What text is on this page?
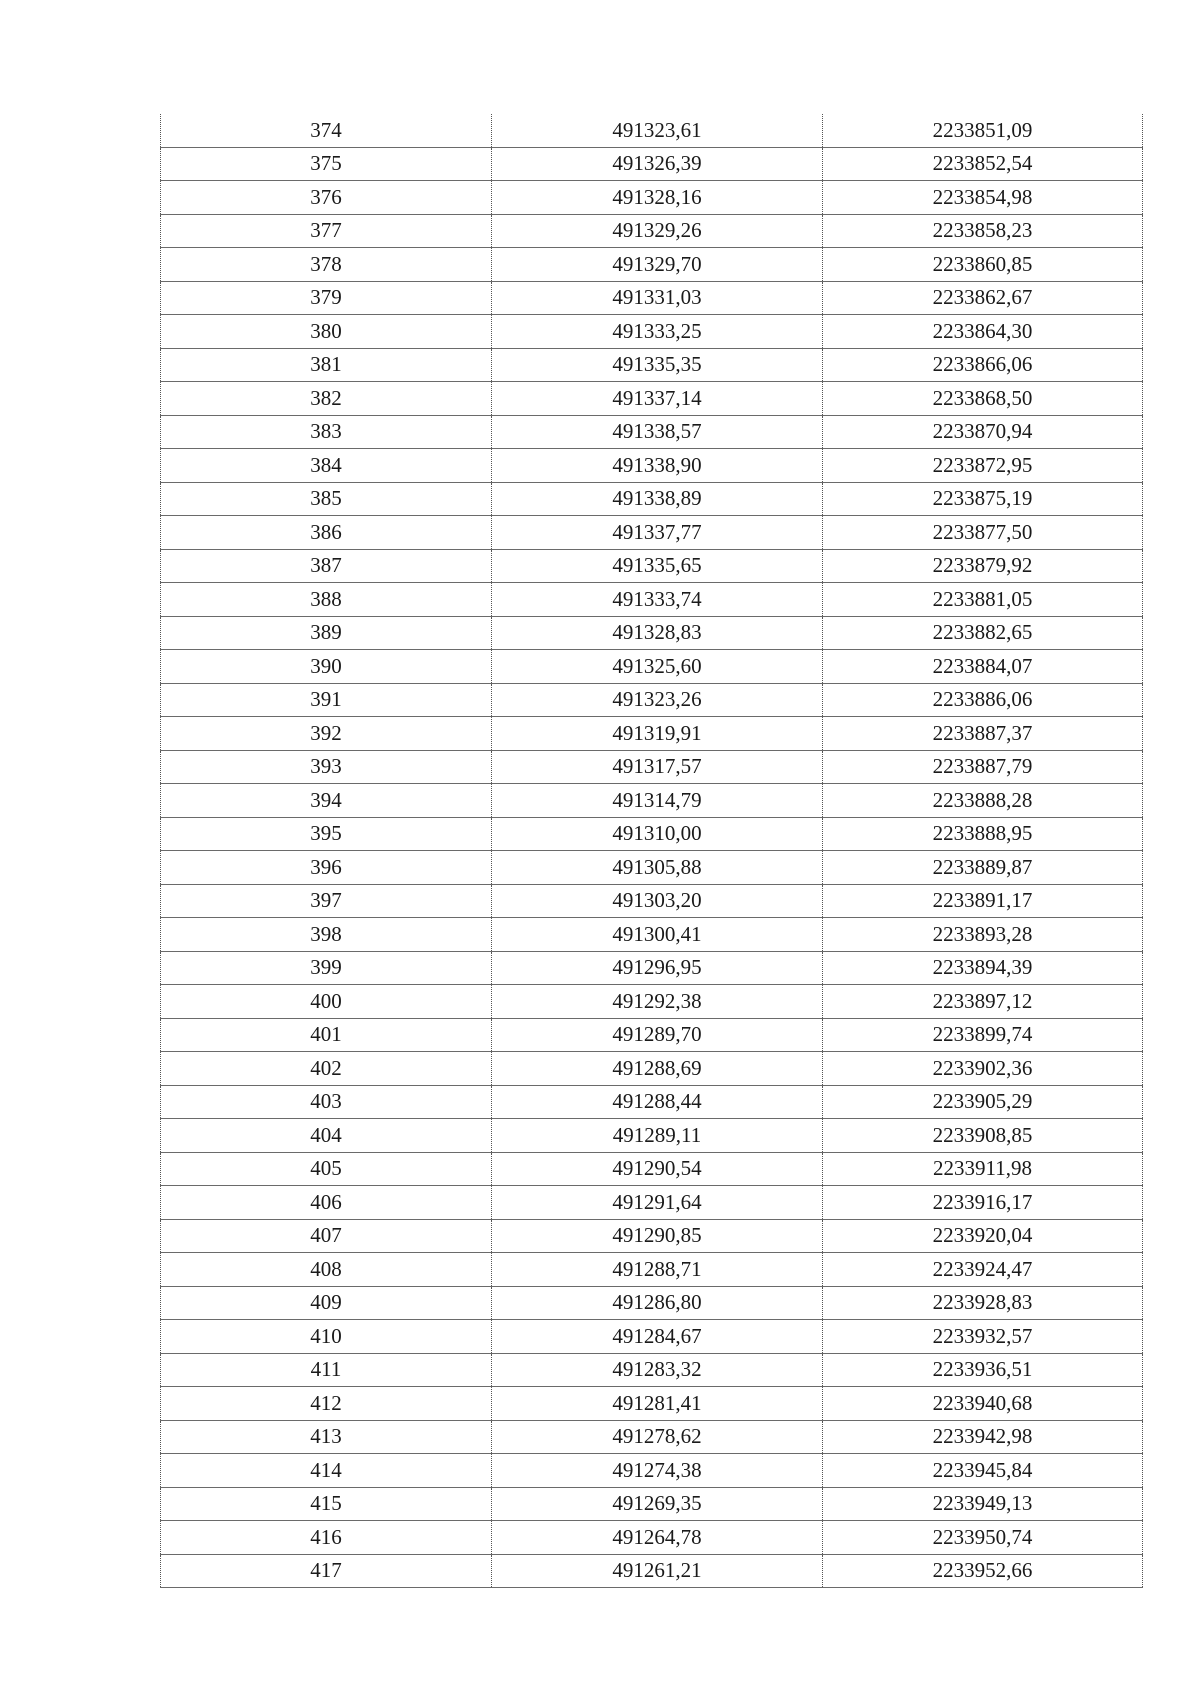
374	491323,61	2233851,09
375	491326,39	2233852,54
376	491328,16	2233854,98
377	491329,26	2233858,23
378	491329,70	2233860,85
379	491331,03	2233862,67
380	491333,25	2233864,30
381	491335,35	2233866,06
382	491337,14	2233868,50
383	491338,57	2233870,94
384	491338,90	2233872,95
385	491338,89	2233875,19
386	491337,77	2233877,50
387	491335,65	2233879,92
388	491333,74	2233881,05
389	491328,83	2233882,65
390	491325,60	2233884,07
391	491323,26	2233886,06
392	491319,91	2233887,37
393	491317,57	2233887,79
394	491314,79	2233888,28
395	491310,00	2233888,95
396	491305,88	2233889,87
397	491303,20	2233891,17
398	491300,41	2233893,28
399	491296,95	2233894,39
400	491292,38	2233897,12
401	491289,70	2233899,74
402	491288,69	2233902,36
403	491288,44	2233905,29
404	491289,11	2233908,85
405	491290,54	2233911,98
406	491291,64	2233916,17
407	491290,85	2233920,04
408	491288,71	2233924,47
409	491286,80	2233928,83
410	491284,67	2233932,57
411	491283,32	2233936,51
412	491281,41	2233940,68
413	491278,62	2233942,98
414	491274,38	2233945,84
415	491269,35	2233949,13
416	491264,78	2233950,74
417	491261,21	2233952,66
